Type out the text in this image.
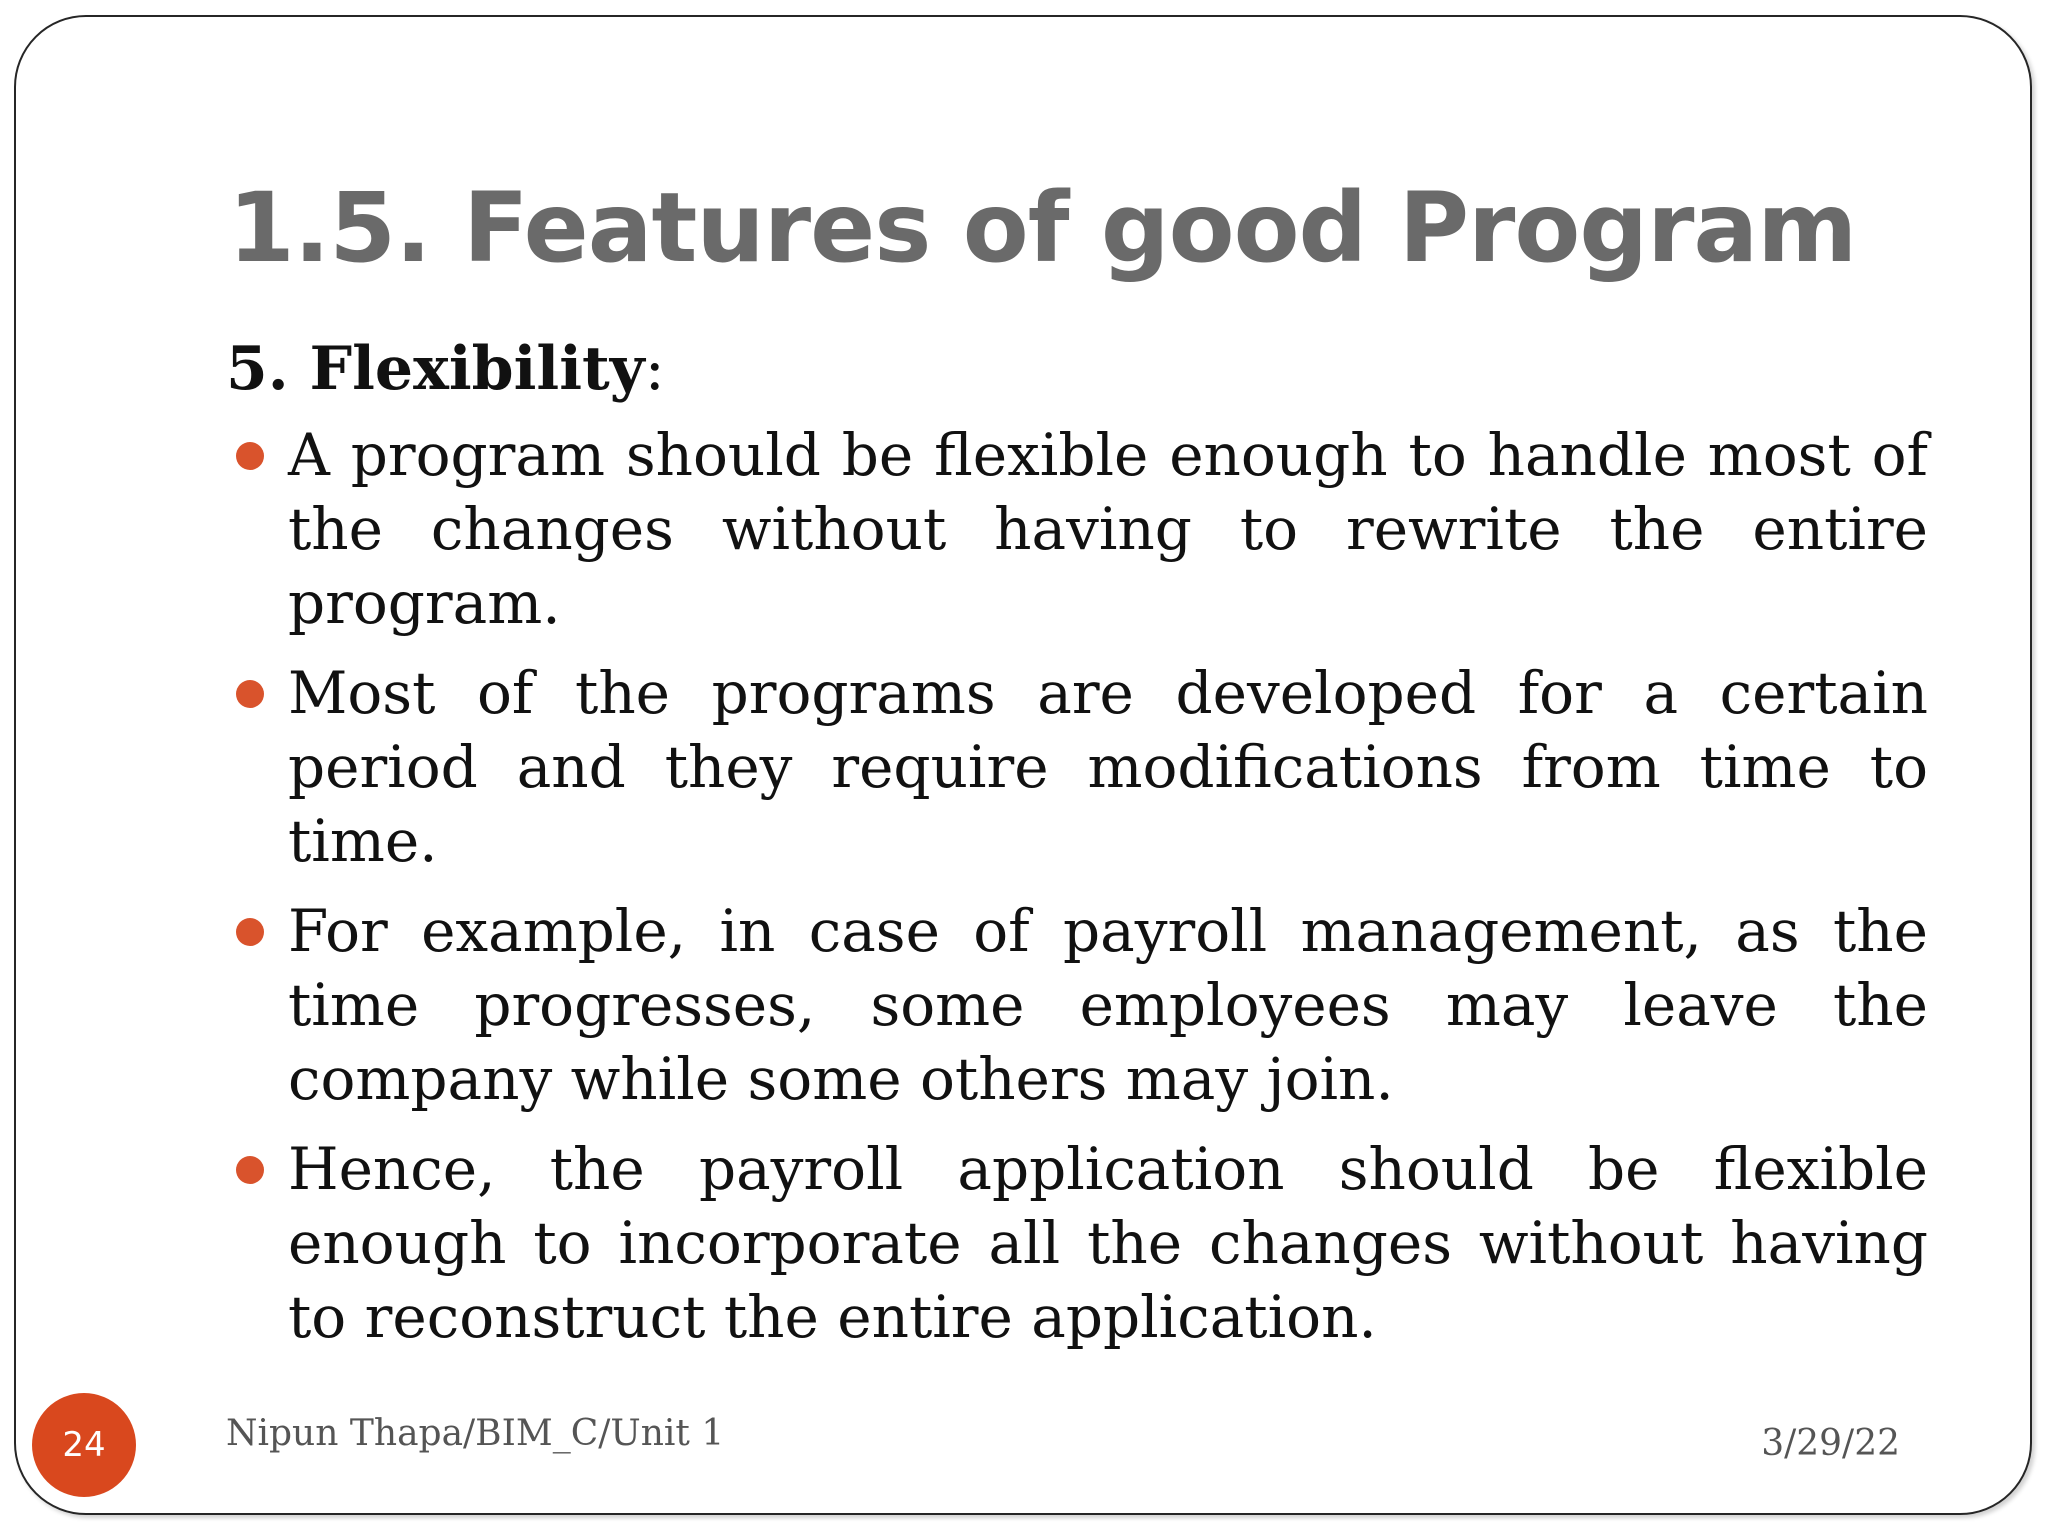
1.5. Features of good Program
5. Flexibility:
A program should be flexible enough to handle most of the changes without having to rewrite the entire program.
Most of the programs are developed for a certain period and they require modifications from time to time.
For example, in case of payroll management, as the time progresses, some employees may leave the company while some others may join.
Hence, the payroll application should be flexible enough to incorporate all the changes without having to reconstruct the entire application.
24	Nipun Thapa/BIM_C/Unit 1	3/29/22
